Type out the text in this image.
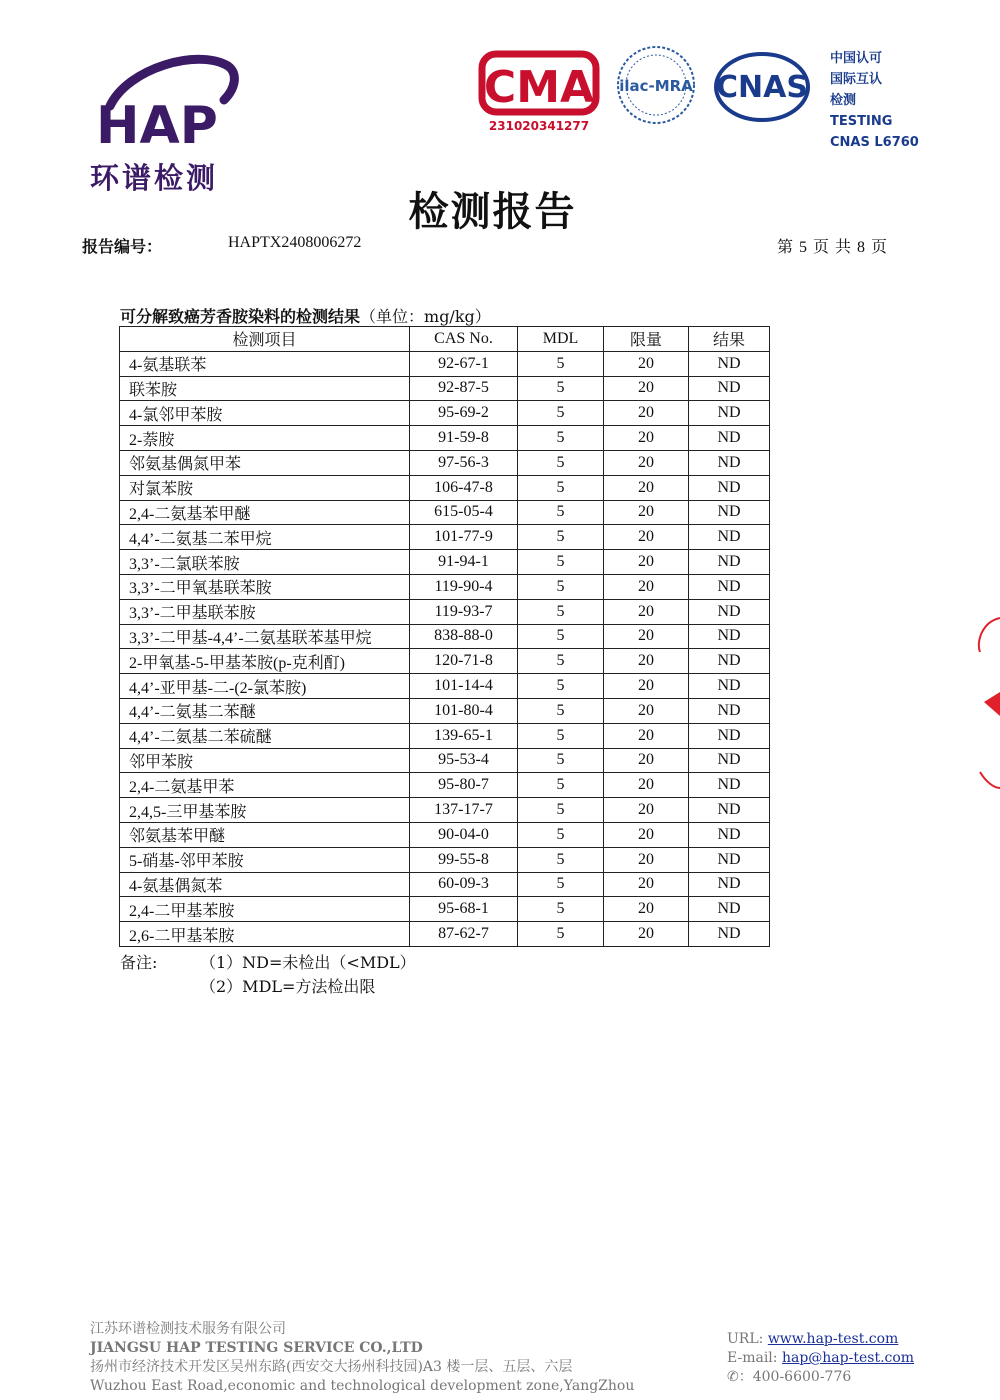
HAP
环谱检测
CMA
231020341277
ilac-MRA CNAS
中国认可
国际互认
检测
TESTING
CNAS L6760
检测报告
报告编号：	HAPTX2408006272	第 5 页 共 8 页
可分解致癌芳香胺染料的检测结果（单位：mg/kg）
检测项目	CAS No.	MDL	限量	结果
4-氨基联苯	92-67-1	5	20	ND
联苯胺	92-87-5	5	20	ND
4-氯邻甲苯胺	95-69-2	5	20	ND
2-萘胺	91-59-8	5	20	ND
邻氨基偶氮甲苯	97-56-3	5	20	ND
对氯苯胺	106-47-8	5	20	ND
2,4-二氨基苯甲醚	615-05-4	5	20	ND
4,4’-二氨基二苯甲烷	101-77-9	5	20	ND
3,3’-二氯联苯胺	91-94-1	5	20	ND
3,3’-二甲氧基联苯胺	119-90-4	5	20	ND
3,3’-二甲基联苯胺	119-93-7	5	20	ND
3,3’-二甲基-4,4’-二氨基联苯基甲烷	838-88-0	5	20	ND
2-甲氧基-5-甲基苯胺(p-克利酊)	120-71-8	5	20	ND
4,4’-亚甲基-二-(2-氯苯胺)	101-14-4	5	20	ND
4,4’-二氨基二苯醚	101-80-4	5	20	ND
4,4’-二氨基二苯硫醚	139-65-1	5	20	ND
邻甲苯胺	95-53-4	5	20	ND
2,4-二氨基甲苯	95-80-7	5	20	ND
2,4,5-三甲基苯胺	137-17-7	5	20	ND
邻氨基苯甲醚	90-04-0	5	20	ND
5-硝基-邻甲苯胺	99-55-8	5	20	ND
4-氨基偶氮苯	60-09-3	5	20	ND
2,4-二甲基苯胺	95-68-1	5	20	ND
2,6-二甲基苯胺	87-62-7	5	20	ND
备注:	（1）ND=未检出（<MDL）
（2）MDL=方法检出限
江苏环谱检测技术服务有限公司
JIANGSU HAP TESTING SERVICE CO.,LTD
扬州市经济技术开发区吴州东路(西安交大扬州科技园)A3 楼一层、五层、六层
Wuzhou East Road,economic and technological development zone,YangZhou
URL: www.hap-test.com
E-mail: hap@hap-test.com
✆：400-6600-776
